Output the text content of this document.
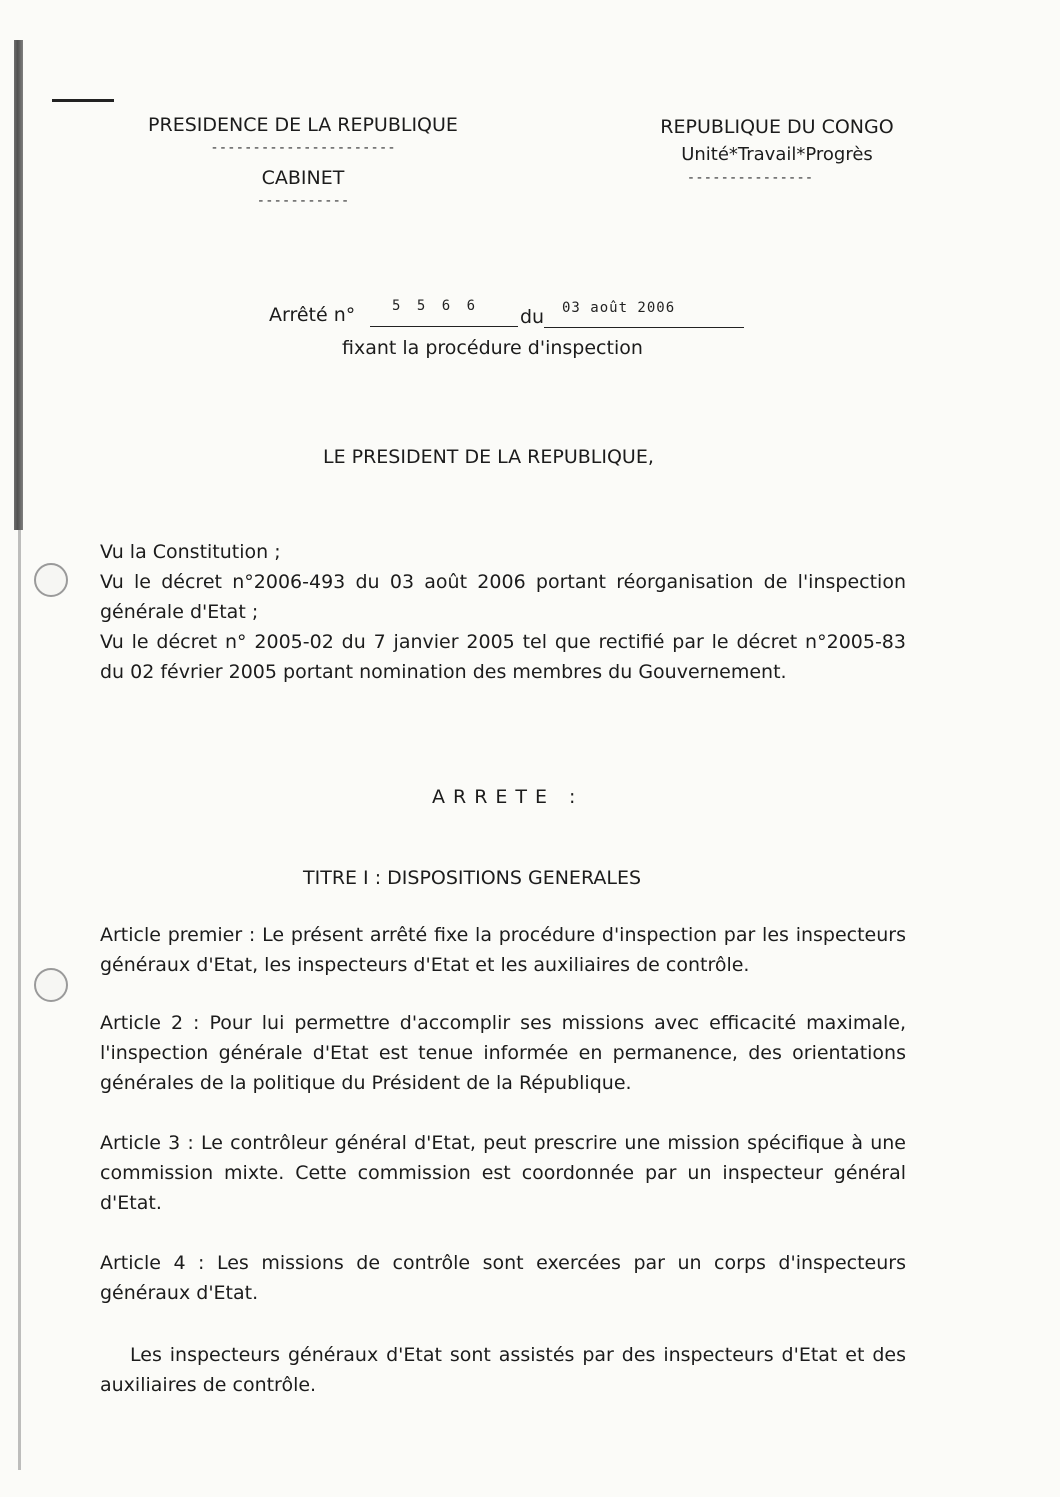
PRESIDENCE DE LA REPUBLIQUE
----------------------
CABINET
-----------
REPUBLIQUE DU CONGO
Unité*Travail*Progrès
---------------
Arrêté n°	5 5 6 6 du 03 août 2006
fixant la procédure d'inspection
LE PRESIDENT DE LA REPUBLIQUE,

Vu la Constitution ;

Vu le décret n°2006-493 du 03 août 2006 portant réorganisation de l'inspection générale d'Etat ;

Vu le décret n° 2005-02 du 7 janvier 2005 tel que rectifié par le décret n°2005-83 du 02 février 2005 portant nomination des membres du Gouvernement.

ARRETE :
TITRE I : DISPOSITIONS GENERALES

Article premier : Le présent arrêté fixe la procédure d'inspection par les inspecteurs généraux d'Etat, les inspecteurs d'Etat et les auxiliaires de contrôle.

Article 2 : Pour lui permettre d'accomplir ses missions avec efficacité maximale, l'inspection générale d'Etat est tenue informée en permanence, des orientations générales de la politique du Président de la République.

Article 3 : Le contrôleur général d'Etat, peut prescrire une mission spécifique à une commission mixte. Cette commission est coordonnée par un inspecteur général d'Etat.

Article 4 : Les missions de contrôle sont exercées par un corps d'inspecteurs généraux d'Etat.

Les inspecteurs généraux d'Etat sont assistés par des inspecteurs d'Etat et des auxiliaires de contrôle.
